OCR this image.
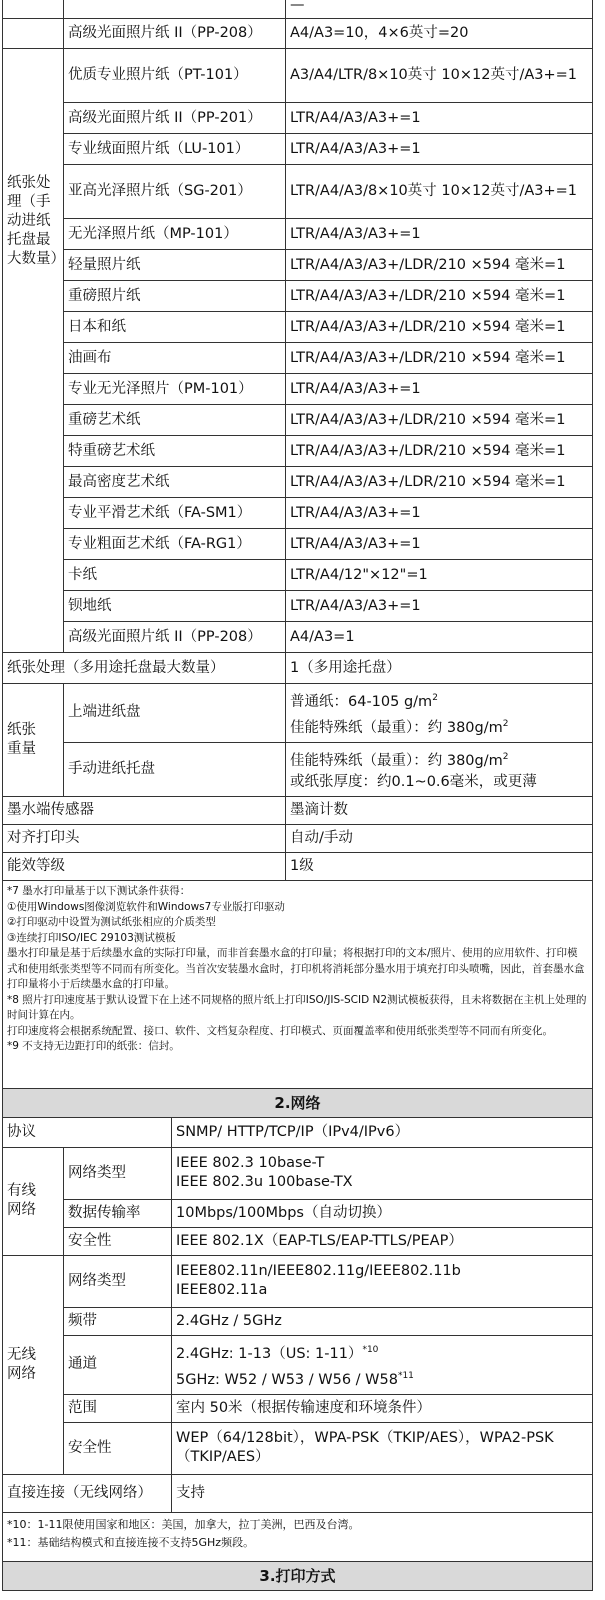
		—
	高级光面照片纸 II（PP-208）	A4/A3=10，4×6英寸=20
纸张处理（手动进纸托盘最大数量）	优质专业照片纸（PT-101）	A3/A4/LTR/8×10英寸 10×12英寸/A3+=1
	高级光面照片纸 II（PP-201）	LTR/A4/A3/A3+=1
	专业绒面照片纸（LU-101）	LTR/A4/A3/A3+=1
	亚高光泽照片纸（SG-201）	LTR/A4/A3/8×10英寸 10×12英寸/A3+=1
	无光泽照片纸（MP-101）	LTR/A4/A3/A3+=1
	轻量照片纸	LTR/A4/A3/A3+/LDR/210 ×594 毫米=1
	重磅照片纸	LTR/A4/A3/A3+/LDR/210 ×594 毫米=1
	日本和纸	LTR/A4/A3/A3+/LDR/210 ×594 毫米=1
	油画布	LTR/A4/A3/A3+/LDR/210 ×594 毫米=1
	专业无光泽照片（PM-101）	LTR/A4/A3/A3+=1
	重磅艺术纸	LTR/A4/A3/A3+/LDR/210 ×594 毫米=1
	特重磅艺术纸	LTR/A4/A3/A3+/LDR/210 ×594 毫米=1
	最高密度艺术纸	LTR/A4/A3/A3+/LDR/210 ×594 毫米=1
	专业平滑艺术纸（FA-SM1）	LTR/A4/A3/A3+=1
	专业粗面艺术纸（FA-RG1）	LTR/A4/A3/A3+=1
	卡纸	LTR/A4/12"×12"=1
	钡地纸	LTR/A4/A3/A3+=1
	高级光面照片纸 II（PP-208）	A4/A3=1
纸张处理（多用途托盘最大数量）		1（多用途托盘）
纸张重量	上端进纸盘	普通纸：64-105 $g/m^2$
佳能特殊纸（最重）：约 $380g/m^2$

	手动进纸托盘	佳能特殊纸（最重）：约 $380g/m^2$
或纸张厚度：约0.1~0.6毫米，或更薄

墨水端传感器		墨滴计数
对齐打印头		自动/手动
能效等级		1级
*7 墨水打印量基于以下测试条件获得：
①使用Windows图像浏览软件和Windows7专业版打印驱动
②打印驱动中设置为测试纸张相应的介质类型
③连续打印ISO/IEC 29103测试模板
墨水打印量是基于后续墨水盒的实际打印量，而非首套墨水盒的打印量；将根据打印的文本/照片、使用的应用软件、打印模式和使用纸张类型等不同而有所变化。当首次安装墨水盒时，打印机将消耗部分墨水用于填充打印头喷嘴，因此，首套墨水盒打印量将小于后续墨水盒的打印量。
*8 照片打印速度基于默认设置下在上述不同规格的照片纸上打印ISO/JIS-SCID N2测试模板获得，且未将数据在主机上处理的时间计算在内。
打印速度将会根据系统配置、接口、软件、文档复杂程度、打印模式、页面覆盖率和使用纸张类型等不同而有所变化。
*9 不支持无边距打印的纸张：信封。
2.网络
协议		SNMP/ HTTP/TCP/IP（IPv4/IPv6）
有线网络	网络类型	IEEE 802.3 10base-T
IEEE 802.3u 100base-TX

	数据传输率	10Mbps/100Mbps（自动切换）
	安全性	IEEE 802.1X（EAP-TLS/EAP-TTLS/PEAP）
无线网络	网络类型	IEEE802.11n/IEEE802.11g/IEEE802.11b
IEEE802.11a

	频带	2.4GHz / 5GHz
	通道	2.4GHz: 1-13（US: 1-11）$^{*10}$
5GHz: W52 / W53 / W56 / W58$^{*11}$

	范围	室内 50米（根据传输速度和环境条件）
	安全性	WEP（64/128bit），WPA-PSK（TKIP/AES），WPA2-PSK（TKIP/AES）
直接连接（无线网络）		支持
*10：1-11限使用国家和地区：美国，加拿大，拉丁美洲，巴西及台湾。
*11：基础结构模式和直接连接不支持5GHz频段。
3.打印方式
